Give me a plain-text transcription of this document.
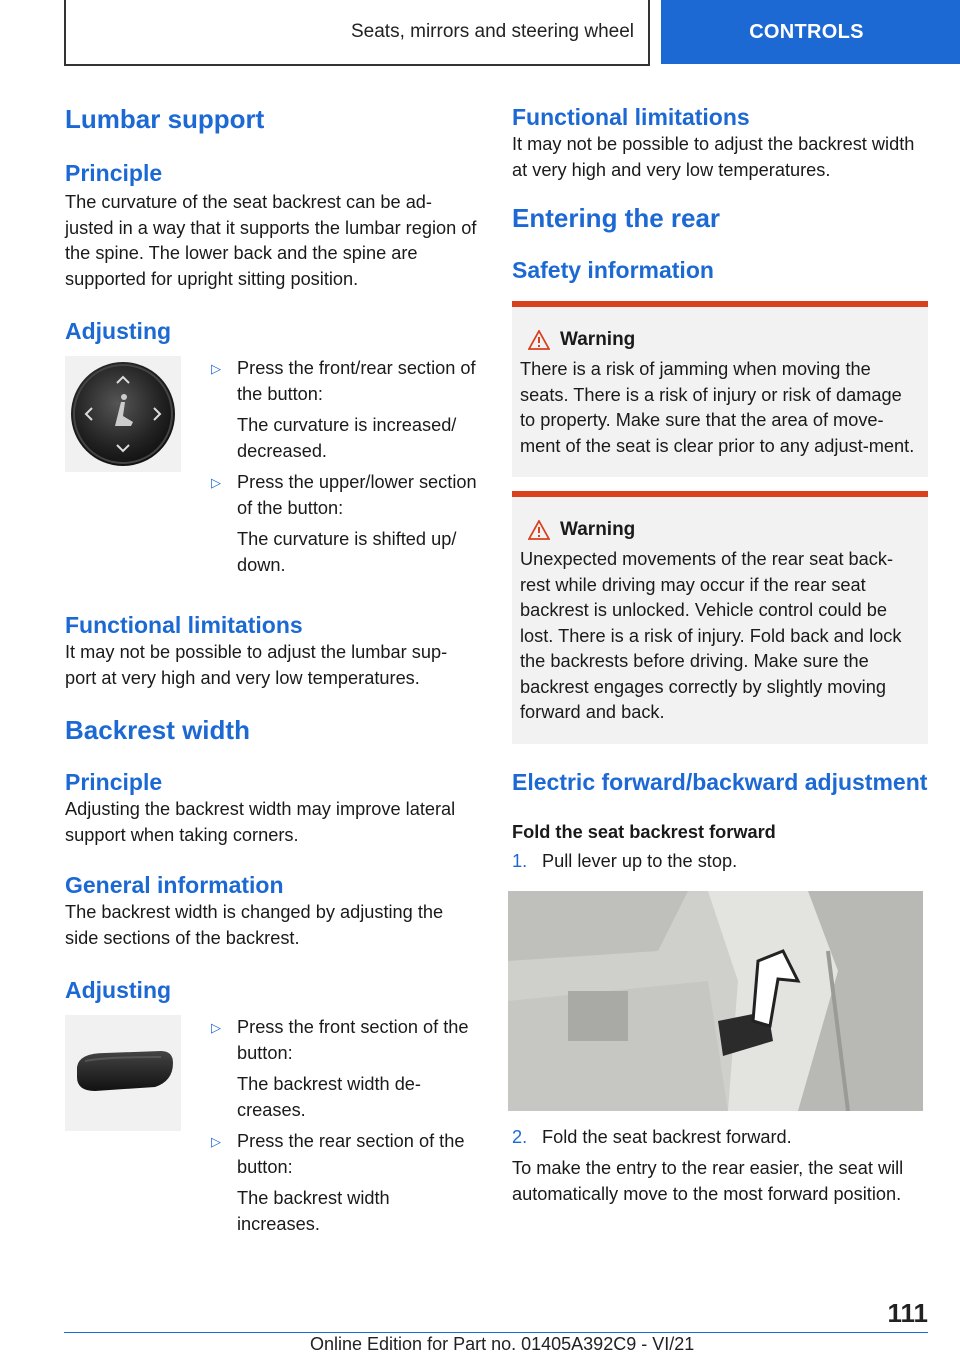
Seats, mirrors and steering wheel	CONTROLS
Lumbar support
Principle

The curvature of the seat backrest can be ad-justed in a way that it supports the lumbar region of the spine. The lower back and the spine are supported for upright sitting position.

Adjusting
▷ Press the front/rear section of the button:

The curvature is increased/ decreased.

▷ Press the upper/lower section of the button:

The curvature is shifted up/ down.

Functional limitations

It may not be possible to adjust the lumbar sup-port at very high and very low temperatures.

Backrest width
Principle

Adjusting the backrest width may improve lateral support when taking corners.

General information

The backrest width is changed by adjusting the side sections of the backrest.

Adjusting
▷ Press the front section of the button:

The backrest width de-creases.

▷ Press the rear section of the button:

The backrest width increases.

Functional limitations

It may not be possible to adjust the backrest width at very high and very low temperatures.

Entering the rear
Safety information
Warning

There is a risk of jamming when moving the seats. There is a risk of injury or risk of damage to property. Make sure that the area of move-ment of the seat is clear prior to any adjust-ment.

Warning

Unexpected movements of the rear seat back-rest while driving may occur if the rear seat backrest is unlocked. Vehicle control could be lost. There is a risk of injury. Fold back and lock the backrests before driving. Make sure the backrest engages correctly by slightly moving forward and back.

Electric forward/backward adjustment

Fold the seat backrest forward

1. Pull lever up to the stop.

2. Fold the seat backrest forward.

To make the entry to the rear easier, the seat will automatically move to the most forward position.

111
Online Edition for Part no. 01405A392C9 - VI/21
